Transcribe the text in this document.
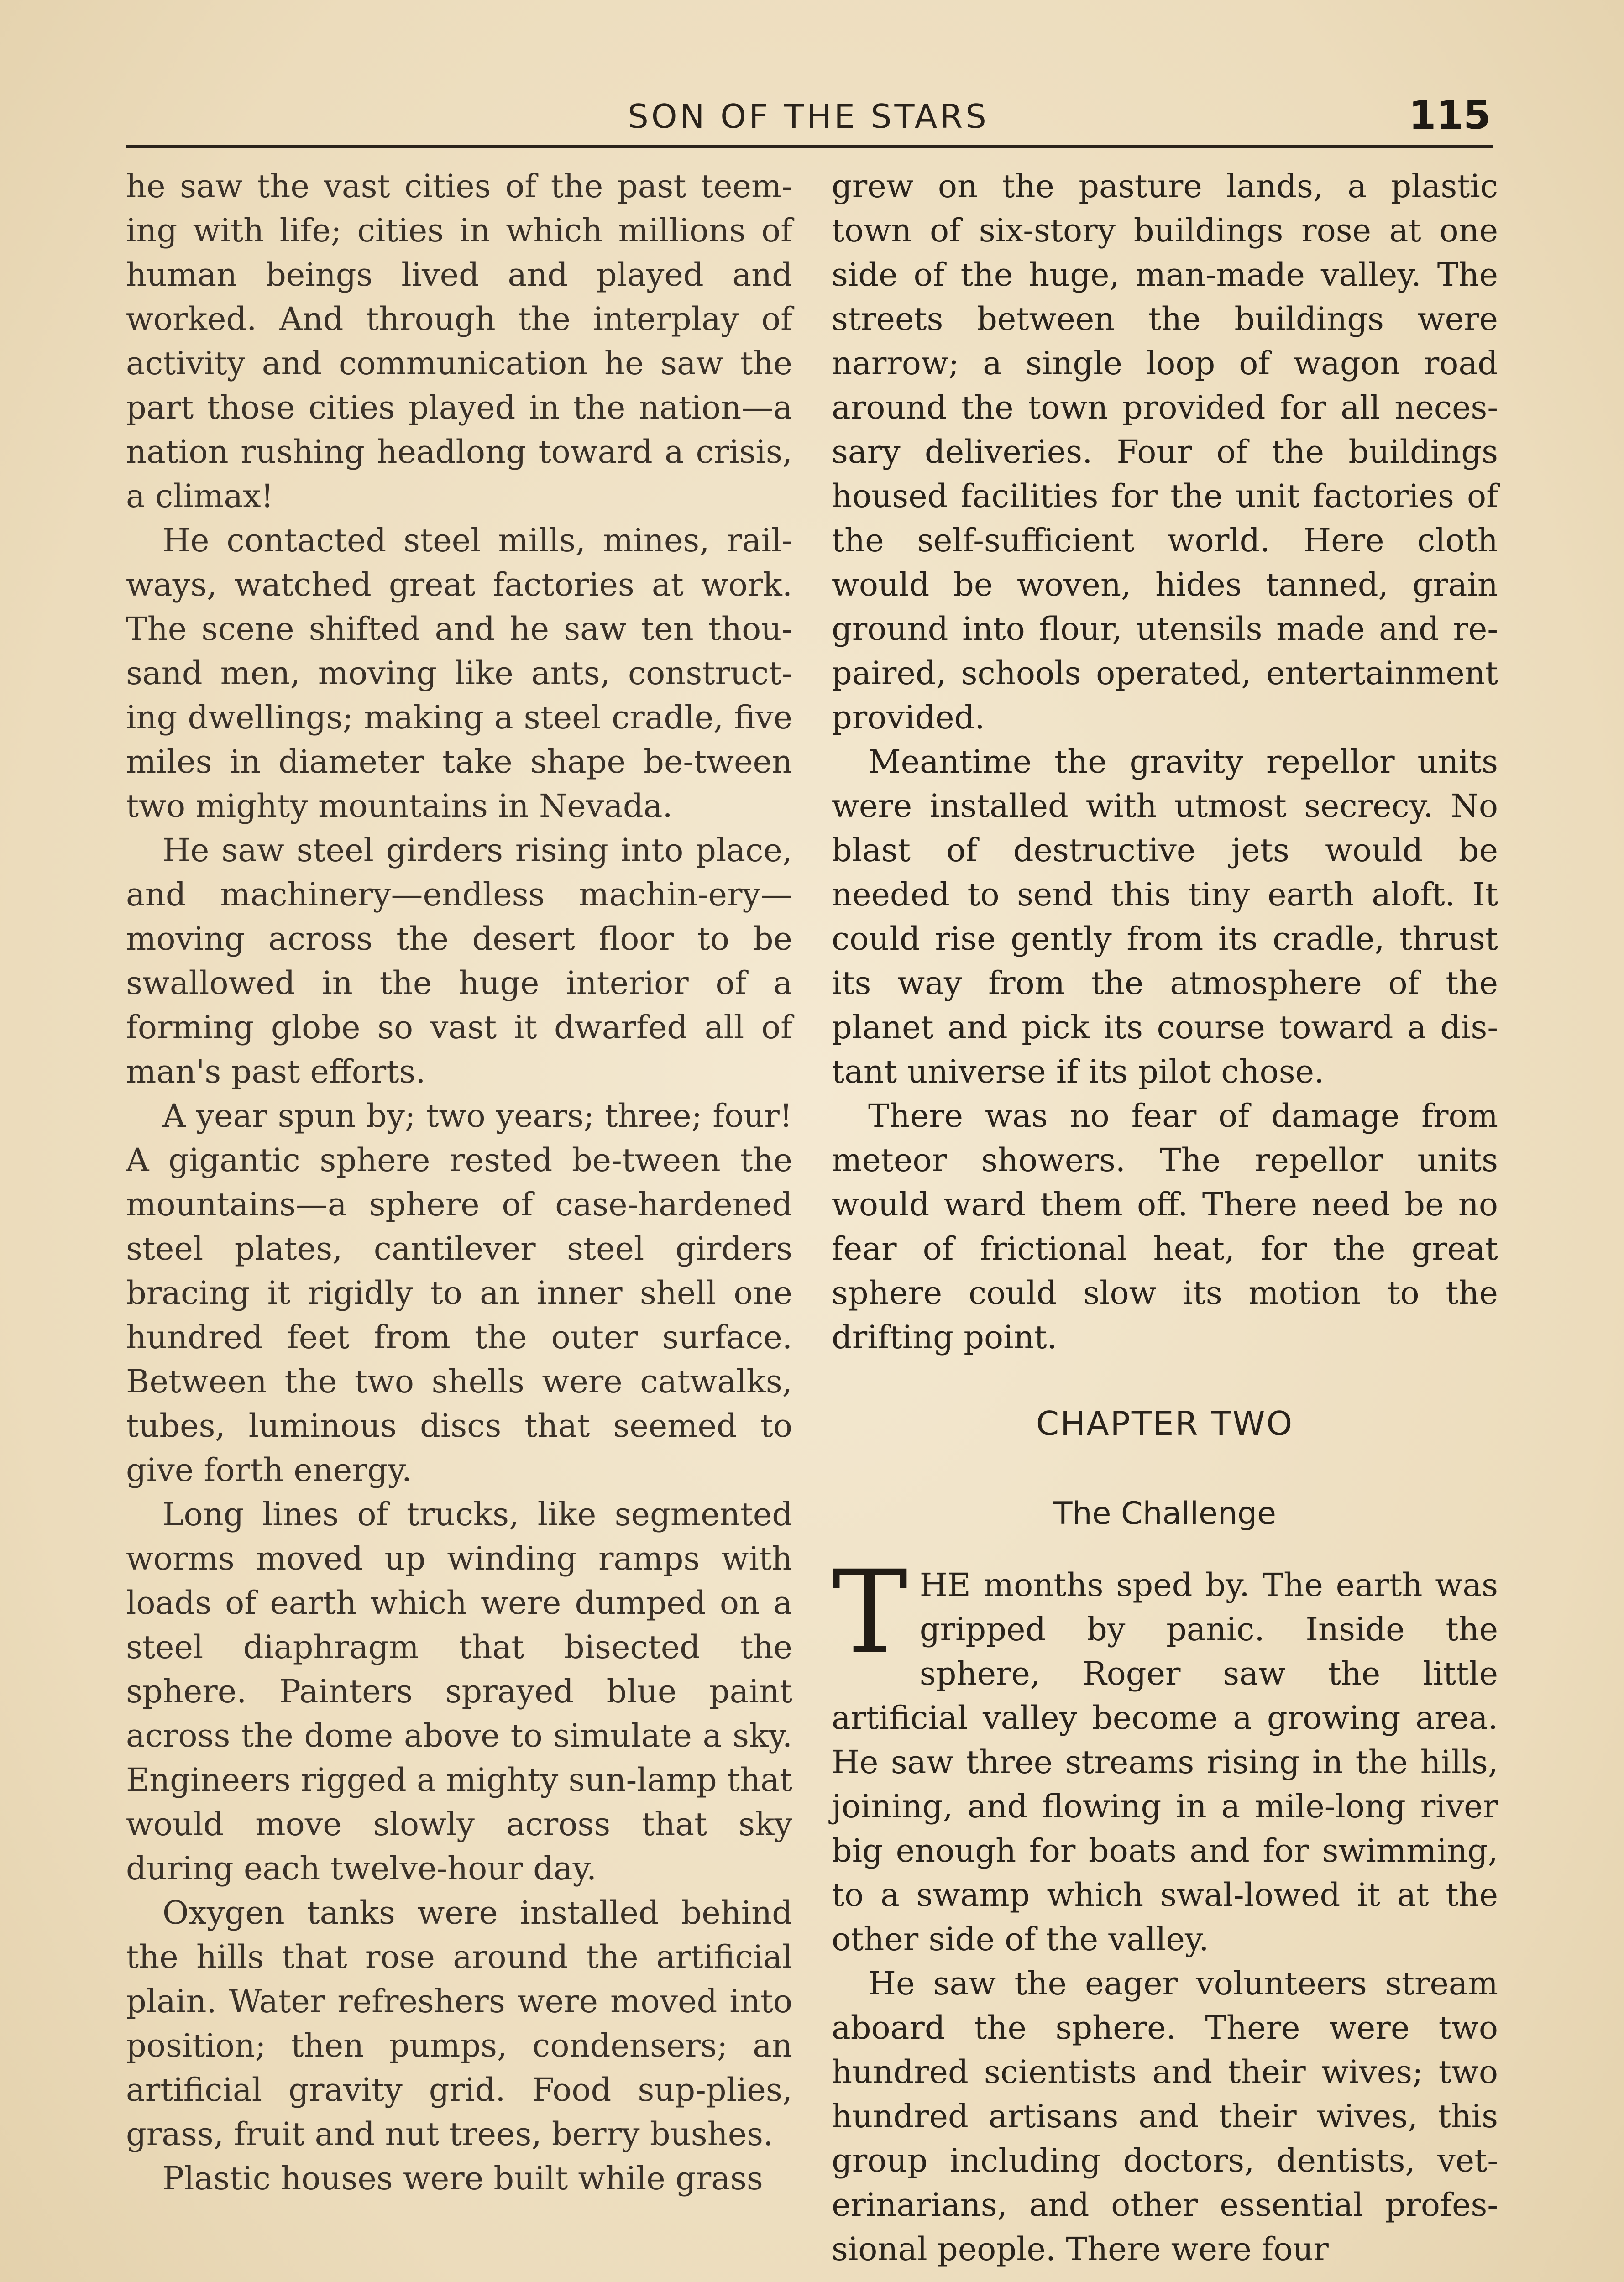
SON OF THE STARS	115

he saw the vast cities of the past teem-ing with life; cities in which millions of human beings lived and played and worked. And through the interplay of activity and communication he saw the part those cities played in the nation—a nation rushing headlong toward a crisis, a climax!

He contacted steel mills, mines, rail-ways, watched great factories at work. The scene shifted and he saw ten thou-sand men, moving like ants, construct-ing dwellings; making a steel cradle, five miles in diameter take shape be-tween two mighty mountains in Nevada.

He saw steel girders rising into place, and machinery—endless machin-ery—moving across the desert floor to be swallowed in the huge interior of a forming globe so vast it dwarfed all of man's past efforts.

A year spun by; two years; three; four! A gigantic sphere rested be-tween the mountains—a sphere of case-hardened steel plates, cantilever steel girders bracing it rigidly to an inner shell one hundred feet from the outer surface. Between the two shells were catwalks, tubes, luminous discs that seemed to give forth energy.

Long lines of trucks, like segmented worms moved up winding ramps with loads of earth which were dumped on a steel diaphragm that bisected the sphere. Painters sprayed blue paint across the dome above to simulate a sky. Engineers rigged a mighty sun-lamp that would move slowly across that sky during each twelve-hour day.

Oxygen tanks were installed behind the hills that rose around the artificial plain. Water refreshers were moved into position; then pumps, condensers; an artificial gravity grid. Food sup-plies, grass, fruit and nut trees, berry bushes.

Plastic houses were built while grass

grew on the pasture lands, a plastic town of six-story buildings rose at one side of the huge, man-made valley. The streets between the buildings were narrow; a single loop of wagon road around the town provided for all neces-sary deliveries. Four of the buildings housed facilities for the unit factories of the self-sufficient world. Here cloth would be woven, hides tanned, grain ground into flour, utensils made and re-paired, schools operated, entertainment provided.

Meantime the gravity repellor units were installed with utmost secrecy. No blast of destructive jets would be needed to send this tiny earth aloft. It could rise gently from its cradle, thrust its way from the atmosphere of the planet and pick its course toward a dis-tant universe if its pilot chose.

There was no fear of damage from meteor showers. The repellor units would ward them off. There need be no fear of frictional heat, for the great sphere could slow its motion to the drifting point.

CHAPTER TWO
The Challenge

THE months sped by. The earth was gripped by panic. Inside the sphere, Roger saw the little artificial valley become a growing area. He saw three streams rising in the hills, joining, and flowing in a mile-long river big enough for boats and for swimming, to a swamp which swal-lowed it at the other side of the valley.

He saw the eager volunteers stream aboard the sphere. There were two hundred scientists and their wives; two hundred artisans and their wives, this group including doctors, dentists, vet-erinarians, and other essential profes-sional people. There were four
